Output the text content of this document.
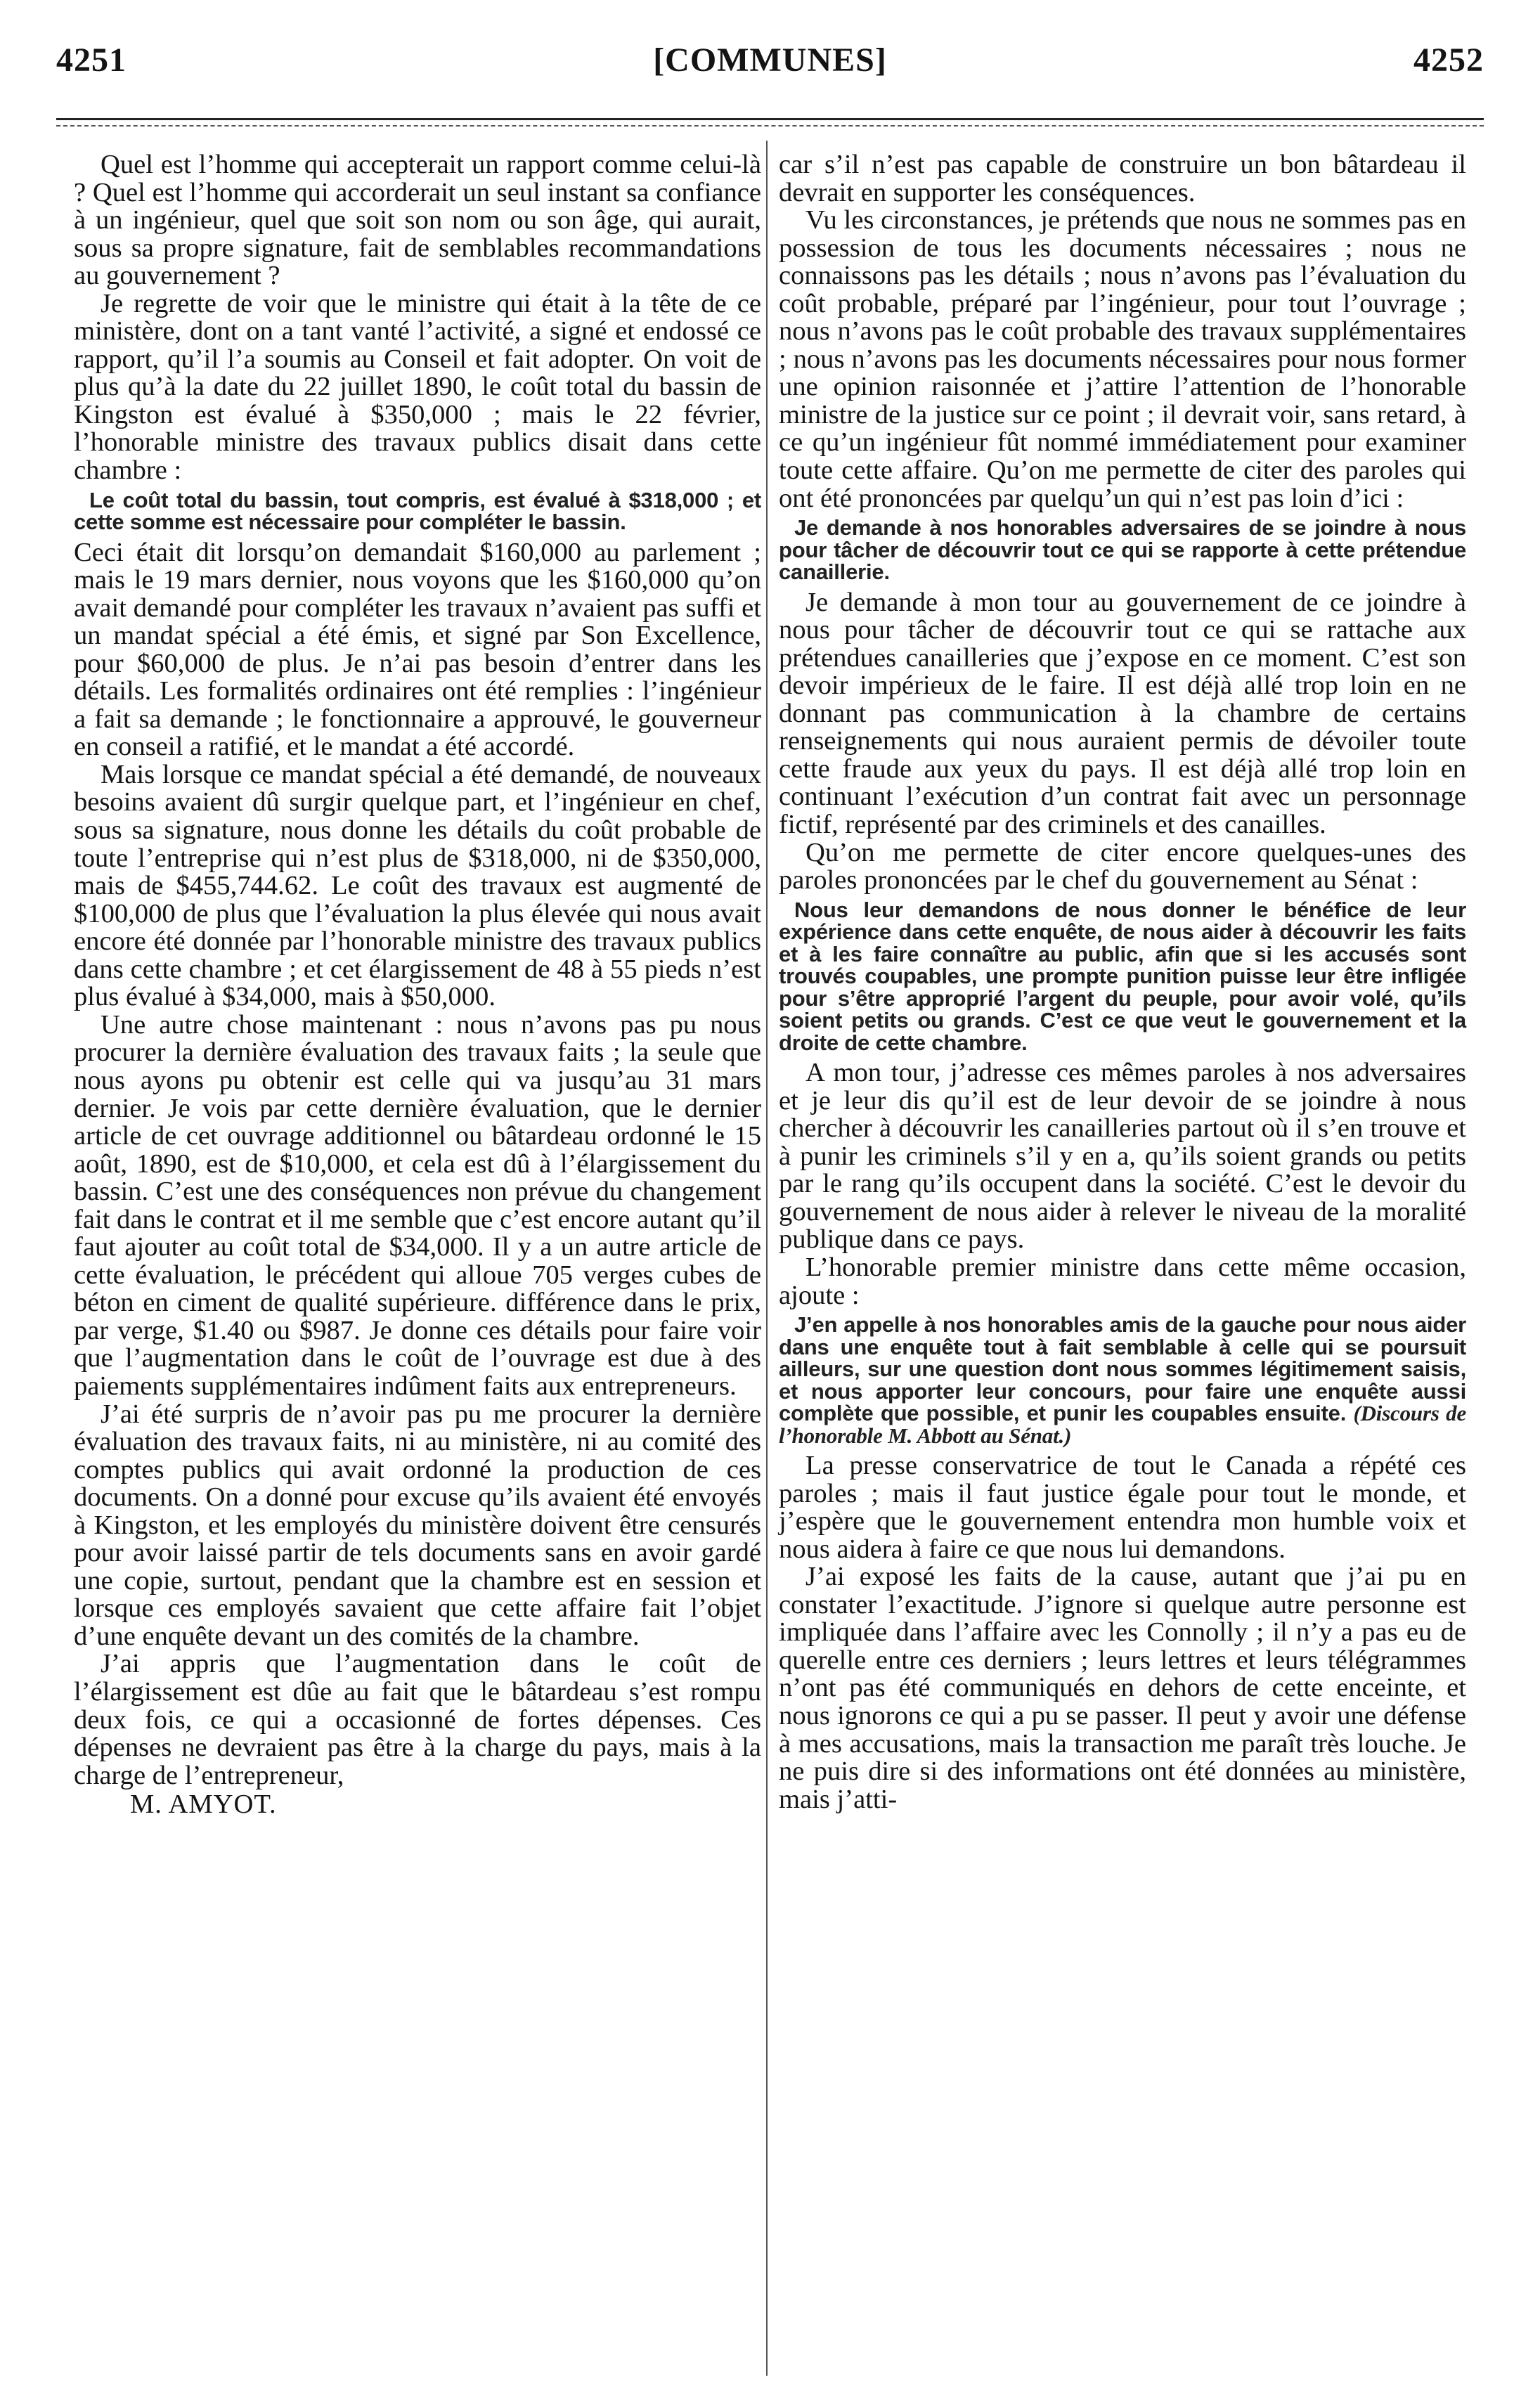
4251	[COMMUNES]	4252

Quel est l’homme qui accepterait un rapport comme celui-là ? Quel est l’homme qui accorderait un seul instant sa confiance à un ingénieur, quel que soit son nom ou son âge, qui aurait, sous sa propre signature, fait de semblables recommandations au gouvernement ?

Je regrette de voir que le ministre qui était à la tête de ce ministère, dont on a tant vanté l’activité, a signé et endossé ce rapport, qu’il l’a soumis au Conseil et fait adopter. On voit de plus qu’à la date du 22 juillet 1890, le coût total du bassin de Kingston est évalué à $350,000 ; mais le 22 février, l’honorable ministre des travaux publics disait dans cette chambre :

Le coût total du bassin, tout compris, est évalué à $318,000 ; et cette somme est nécessaire pour compléter le bassin.

Ceci était dit lorsqu’on demandait $160,000 au parlement ; mais le 19 mars dernier, nous voyons que les $160,000 qu’on avait demandé pour compléter les travaux n’avaient pas suffi et un mandat spécial a été émis, et signé par Son Excellence, pour $60,000 de plus. Je n’ai pas besoin d’entrer dans les détails. Les formalités ordinaires ont été remplies : l’ingénieur a fait sa demande ; le fonctionnaire a approuvé, le gouverneur en conseil a ratifié, et le mandat a été accordé.

Mais lorsque ce mandat spécial a été demandé, de nouveaux besoins avaient dû surgir quelque part, et l’ingénieur en chef, sous sa signature, nous donne les détails du coût probable de toute l’entreprise qui n’est plus de $318,000, ni de $350,000, mais de $455,744.62. Le coût des travaux est augmenté de $100,000 de plus que l’évaluation la plus élevée qui nous avait encore été donnée par l’honorable ministre des travaux publics dans cette chambre ; et cet élargissement de 48 à 55 pieds n’est plus évalué à $34,000, mais à $50,000.

Une autre chose maintenant : nous n’avons pas pu nous procurer la dernière évaluation des travaux faits ; la seule que nous ayons pu obtenir est celle qui va jusqu’au 31 mars dernier. Je vois par cette dernière évaluation, que le dernier article de cet ouvrage additionnel ou bâtardeau ordonné le 15 août, 1890, est de $10,000, et cela est dû à l’élargissement du bassin. C’est une des conséquences non prévue du changement fait dans le contrat et il me semble que c’est encore autant qu’il faut ajouter au coût total de $34,000. Il y a un autre article de cette évaluation, le précédent qui alloue 705 verges cubes de béton en ciment de qualité supérieure. différence dans le prix, par verge, $1.40 ou $987. Je donne ces détails pour faire voir que l’augmentation dans le coût de l’ouvrage est due à des paiements supplémentaires indûment faits aux entrepreneurs.

J’ai été surpris de n’avoir pas pu me procurer la dernière évaluation des travaux faits, ni au ministère, ni au comité des comptes publics qui avait ordonné la production de ces documents. On a donné pour excuse qu’ils avaient été envoyés à Kingston, et les employés du ministère doivent être censurés pour avoir laissé partir de tels documents sans en avoir gardé une copie, surtout, pendant que la chambre est en session et lorsque ces employés savaient que cette affaire fait l’objet d’une enquête devant un des comités de la chambre.

J’ai appris que l’augmentation dans le coût de l’élargissement est dûe au fait que le bâtardeau s’est rompu deux fois, ce qui a occasionné de fortes dépenses. Ces dépenses ne devraient pas être à la charge du pays, mais à la charge de l’entrepreneur,

M. AMYOT.

car s’il n’est pas capable de construire un bon bâtardeau il devrait en supporter les conséquences.

Vu les circonstances, je prétends que nous ne sommes pas en possession de tous les documents nécessaires ; nous ne connaissons pas les détails ; nous n’avons pas l’évaluation du coût probable, préparé par l’ingénieur, pour tout l’ouvrage ; nous n’avons pas le coût probable des travaux supplémentaires ; nous n’avons pas les documents nécessaires pour nous former une opinion raisonnée et j’attire l’attention de l’honorable ministre de la justice sur ce point ; il devrait voir, sans retard, à ce qu’un ingénieur fût nommé immédiatement pour examiner toute cette affaire. Qu’on me permette de citer des paroles qui ont été prononcées par quelqu’un qui n’est pas loin d’ici :

Je demande à nos honorables adversaires de se joindre à nous pour tâcher de découvrir tout ce qui se rapporte à cette prétendue canaillerie.

Je demande à mon tour au gouvernement de ce joindre à nous pour tâcher de découvrir tout ce qui se rattache aux prétendues canailleries que j’expose en ce moment. C’est son devoir impérieux de le faire. Il est déjà allé trop loin en ne donnant pas communication à la chambre de certains renseignements qui nous auraient permis de dévoiler toute cette fraude aux yeux du pays. Il est déjà allé trop loin en continuant l’exécution d’un contrat fait avec un personnage fictif, représenté par des criminels et des canailles.

Qu’on me permette de citer encore quelques-unes des paroles prononcées par le chef du gouvernement au Sénat :

Nous leur demandons de nous donner le bénéfice de leur expérience dans cette enquête, de nous aider à découvrir les faits et à les faire connaître au public, afin que si les accusés sont trouvés coupables, une prompte punition puisse leur être infligée pour s’être approprié l’argent du peuple, pour avoir volé, qu’ils soient petits ou grands. C’est ce que veut le gouvernement et la droite de cette chambre.

A mon tour, j’adresse ces mêmes paroles à nos adversaires et je leur dis qu’il est de leur devoir de se joindre à nous chercher à découvrir les canailleries partout où il s’en trouve et à punir les criminels s’il y en a, qu’ils soient grands ou petits par le rang qu’ils occupent dans la société. C’est le devoir du gouvernement de nous aider à relever le niveau de la moralité publique dans ce pays.

L’honorable premier ministre dans cette même occasion, ajoute :

J’en appelle à nos honorables amis de la gauche pour nous aider dans une enquête tout à fait semblable à celle qui se poursuit ailleurs, sur une question dont nous sommes légitimement saisis, et nous apporter leur concours, pour faire une enquête aussi complète que possible, et punir les coupables ensuite. (Discours de l’honorable M. Abbott au Sénat.)

La presse conservatrice de tout le Canada a répété ces paroles ; mais il faut justice égale pour tout le monde, et j’espère que le gouvernement entendra mon humble voix et nous aidera à faire ce que nous lui demandons.

J’ai exposé les faits de la cause, autant que j’ai pu en constater l’exactitude. J’ignore si quelque autre personne est impliquée dans l’affaire avec les Connolly ; il n’y a pas eu de querelle entre ces derniers ; leurs lettres et leurs télégrammes n’ont pas été communiqués en dehors de cette enceinte, et nous ignorons ce qui a pu se passer. Il peut y avoir une défense à mes accusations, mais la transaction me paraît très louche. Je ne puis dire si des informations ont été données au ministère, mais j’atti-
